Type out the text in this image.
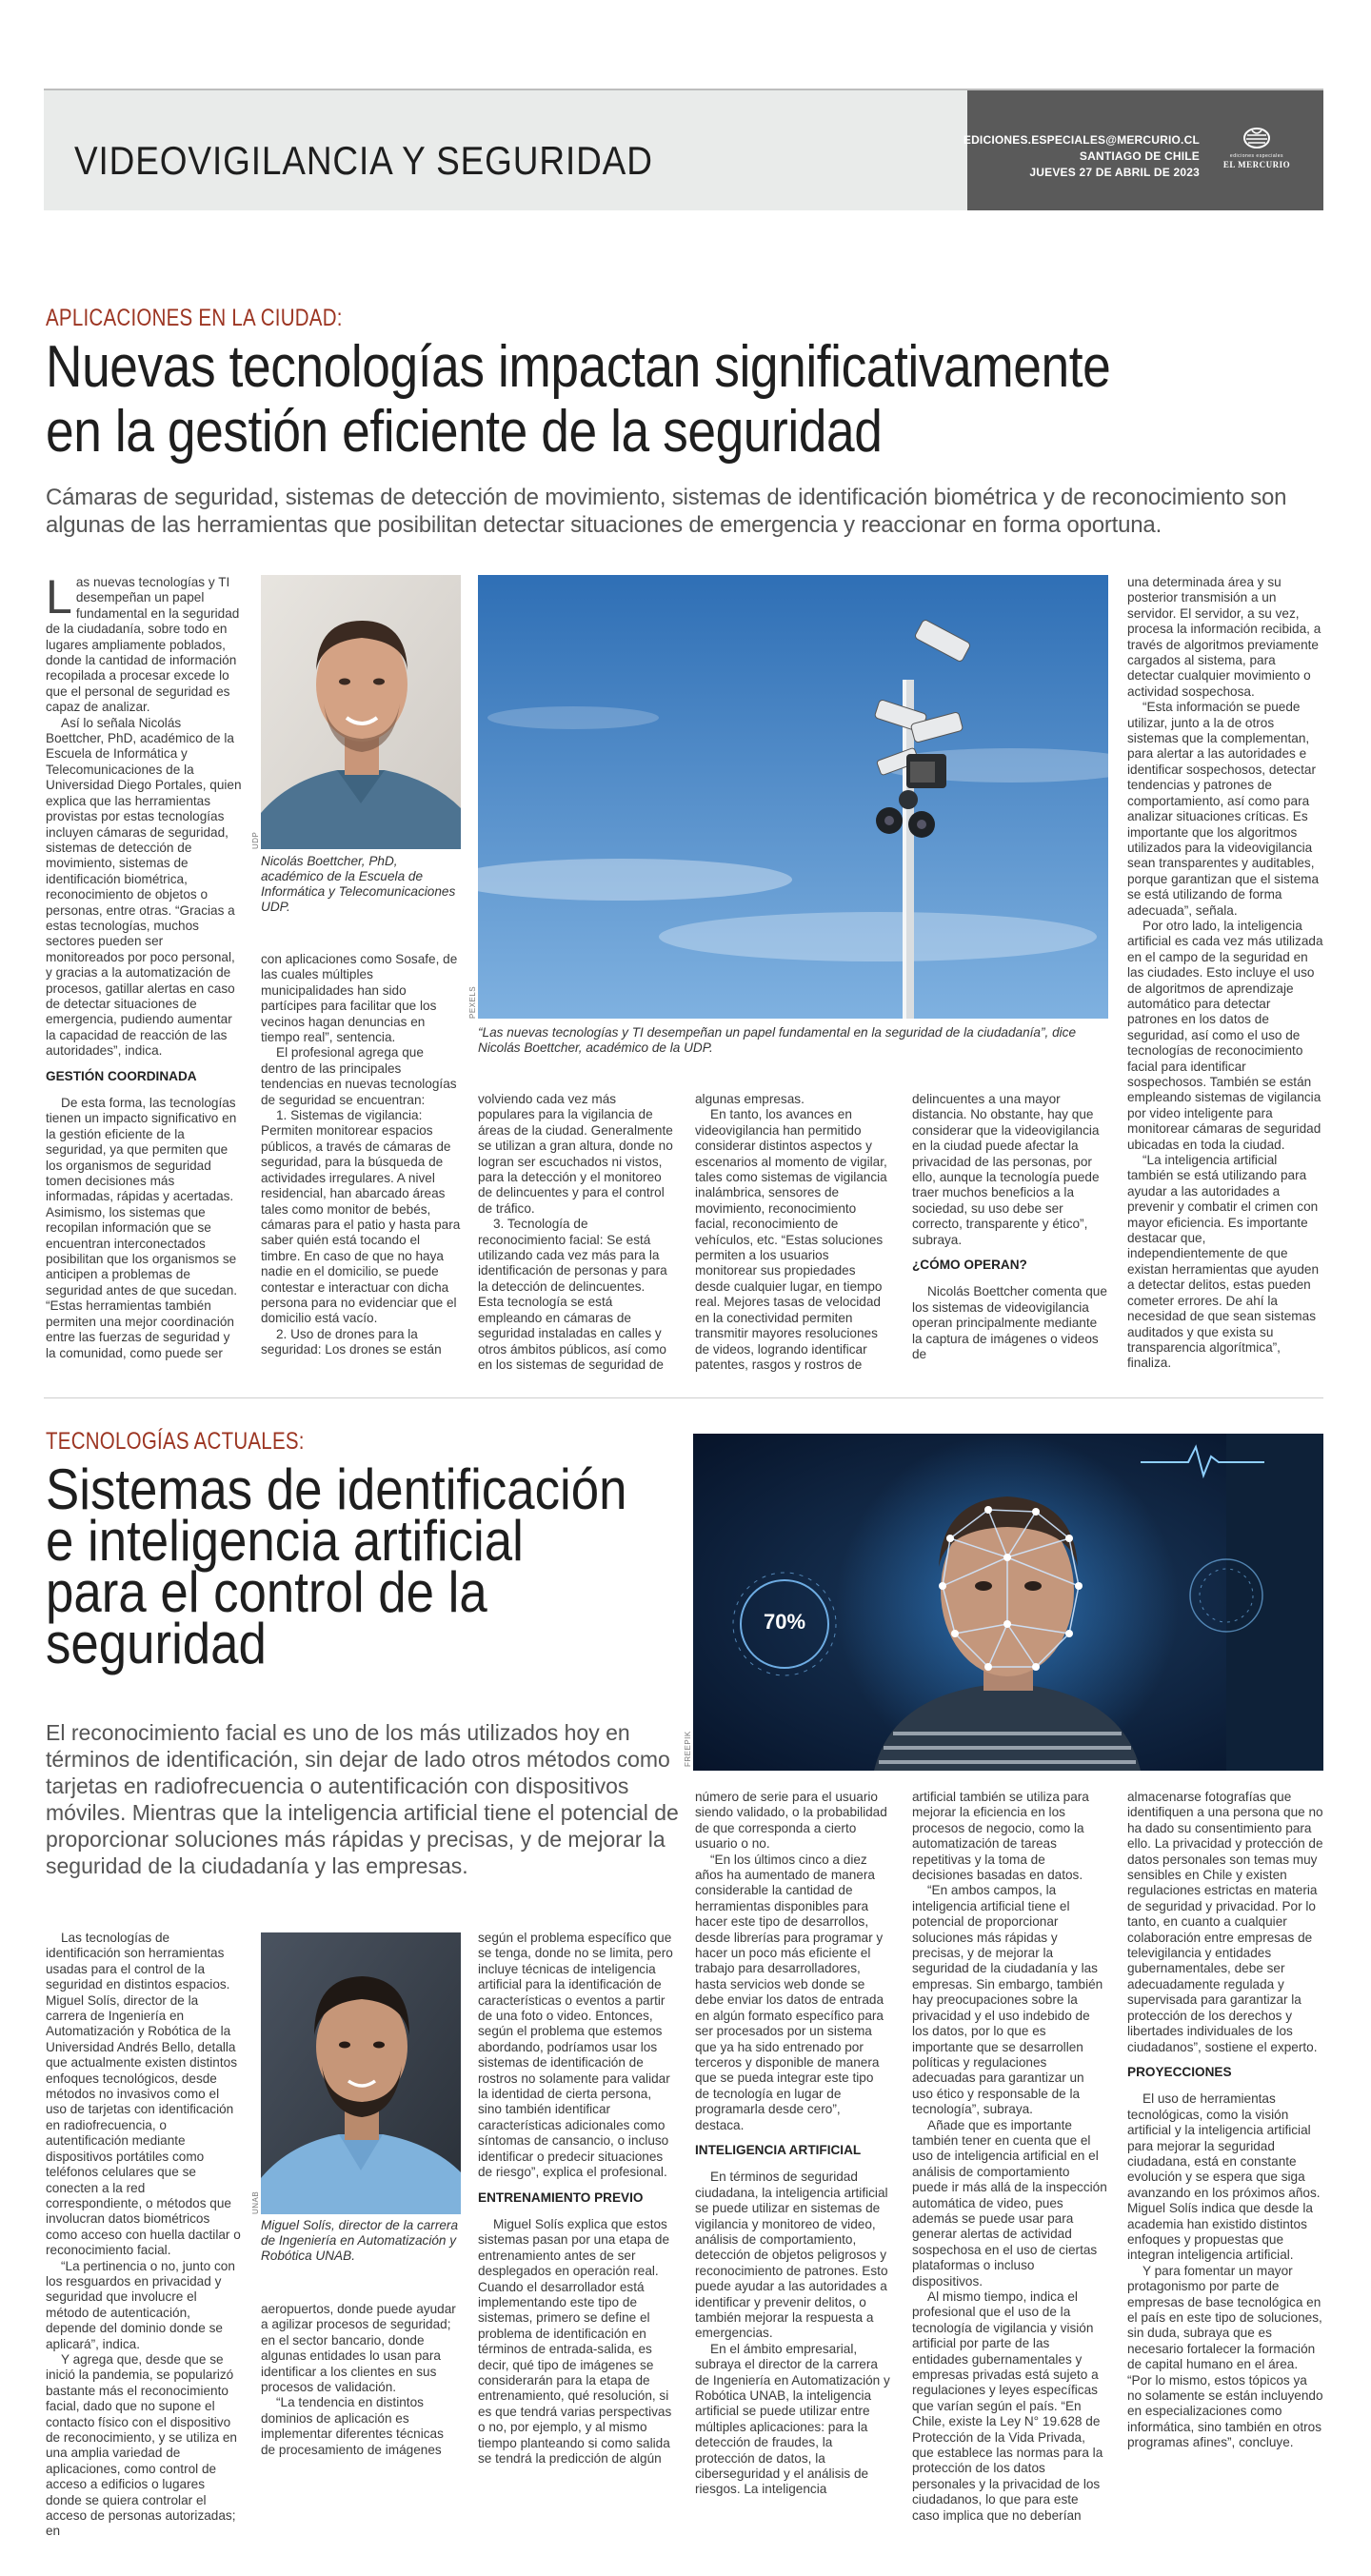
VIDEOVIGILANCIA Y SEGURIDAD	EDICIONES.ESPECIALES@MERCURIO.CL
SANTIAGO DE CHILE
JUEVES 27 DE ABRIL DE 2023
ediciones especiales
EL MERCURIO
APLICACIONES EN LA CIUDAD:
Nuevas tecnologías impactan significativamente
en la gestión eficiente de la seguridad

Cámaras de seguridad, sistemas de detección de movimiento, sistemas de identificación biométrica y de reconocimiento son algunas de las herramientas que posibilitan detectar situaciones de emergencia y reaccionar en forma oportuna.

Las nuevas tecnologías y TI desempeñan un papel fundamental en la seguridad de la ciudadanía, sobre todo en lugares ampliamente poblados, donde la cantidad de información recopilada a procesar excede lo que el personal de seguridad es capaz de analizar.

Así lo señala Nicolás Boettcher, PhD, académico de la Escuela de Informática y Telecomunicaciones de la Universidad Diego Portales, quien explica que las herramientas provistas por estas tecnologías incluyen cámaras de seguridad, sistemas de detección de movimiento, sistemas de identificación biométrica, reconocimiento de objetos o personas, entre otras. “Gracias a estas tecnologías, muchos sectores pueden ser monitoreados por poco personal, y gracias a la automatización de procesos, gatillar alertas en caso de detectar situaciones de emergencia, pudiendo aumentar la capacidad de reacción de las autoridades”, indica.

GESTIÓN COORDINADA

De esta forma, las tecnologías tienen un impacto significativo en la gestión eficiente de la seguridad, ya que permiten que los organismos de seguridad tomen decisiones más informadas, rápidas y acertadas. Asimismo, los sistemas que recopilan información que se encuentran interconectados posibilitan que los organismos se anticipen a problemas de seguridad antes de que sucedan. “Estas herramientas también permiten una mejor coordinación entre las fuerzas de seguridad y la comunidad, como puede ser

UDP
Nicolás Boettcher, PhD, académico de la Escuela de Informática y Telecomunicaciones UDP.

con aplicaciones como Sosafe, de las cuales múltiples municipalidades han sido partícipes para facilitar que los vecinos hagan denuncias en tiempo real”, sentencia.

El profesional agrega que dentro de las principales tendencias en nuevas tecnologías de seguridad se encuentran:

1. Sistemas de vigilancia: Permiten monitorear espacios públicos, a través de cámaras de seguridad, para la búsqueda de actividades irregulares. A nivel residencial, han abarcado áreas tales como monitor de bebés, cámaras para el patio y hasta para saber quién está tocando el timbre. En caso de que no haya nadie en el domicilio, se puede contestar e interactuar con dicha persona para no evidenciar que el domicilio está vacío.

2. Uso de drones para la seguridad: Los drones se están

PEXELS
“Las nuevas tecnologías y TI desempeñan un papel fundamental en la seguridad de la ciudadanía”, dice Nicolás Boettcher, académico de la UDP.

volviendo cada vez más populares para la vigilancia de áreas de la ciudad. Generalmente se utilizan a gran altura, donde no logran ser escuchados ni vistos, para la detección y el monitoreo de delincuentes y para el control de tráfico.

3. Tecnología de reconocimiento facial: Se está utilizando cada vez más para la identificación de personas y para la detección de delincuentes. Esta tecnología se está empleando en cámaras de seguridad instaladas en calles y otros ámbitos públicos, así como en los sistemas de seguridad de

algunas empresas.

En tanto, los avances en videovigilancia han permitido considerar distintos aspectos y escenarios al momento de vigilar, tales como sistemas de vigilancia inalámbrica, sensores de movimiento, reconocimiento facial, reconocimiento de vehículos, etc. “Estas soluciones permiten a los usuarios monitorear sus propiedades desde cualquier lugar, en tiempo real. Mejores tasas de velocidad en la conectividad permiten transmitir mayores resoluciones de videos, logrando identificar patentes, rasgos y rostros de

delincuentes a una mayor distancia. No obstante, hay que considerar que la videovigilancia en la ciudad puede afectar la privacidad de las personas, por ello, aunque la tecnología puede traer muchos beneficios a la sociedad, su uso debe ser correcto, transparente y ético”, subraya.

¿CÓMO OPERAN?

Nicolás Boettcher comenta que los sistemas de videovigilancia operan principalmente mediante la captura de imágenes o videos de

una determinada área y su posterior transmisión a un servidor. El servidor, a su vez, procesa la información recibida, a través de algoritmos previamente cargados al sistema, para detectar cualquier movimiento o actividad sospechosa.

“Esta información se puede utilizar, junto a la de otros sistemas que la complementan, para alertar a las autoridades e identificar sospechosos, detectar tendencias y patrones de comportamiento, así como para analizar situaciones críticas. Es importante que los algoritmos utilizados para la videovigilancia sean transparentes y auditables, porque garantizan que el sistema se está utilizando de forma adecuada”, señala.

Por otro lado, la inteligencia artificial es cada vez más utilizada en el campo de la seguridad en las ciudades. Esto incluye el uso de algoritmos de aprendizaje automático para detectar patrones en los datos de seguridad, así como el uso de tecnologías de reconocimiento facial para identificar sospechosos. También se están empleando sistemas de vigilancia por video inteligente para monitorear cámaras de seguridad ubicadas en toda la ciudad.

“La inteligencia artificial también se está utilizando para ayudar a las autoridades a prevenir y combatir el crimen con mayor eficiencia. Es importante destacar que, independientemente de que existan herramientas que ayuden a detectar delitos, estas pueden cometer errores. De ahí la necesidad de que sean sistemas auditados y que exista su transparencia algorítmica”, finaliza.

TECNOLOGÍAS ACTUALES:
Sistemas de identificación
e inteligencia artificial
para el control de la
seguridad

El reconocimiento facial es uno de los más utilizados hoy en términos de identificación, sin dejar de lado otros métodos como tarjetas en radiofrecuencia o autentificación con dispositivos móviles. Mientras que la inteligencia artificial tiene el potencial de proporcionar soluciones más rápidas y precisas, y de mejorar la seguridad de la ciudadanía y las empresas.

70%
FREEPIK

Las tecnologías de identificación son herramientas usadas para el control de la seguridad en distintos espacios. Miguel Solís, director de la carrera de Ingeniería en Automatización y Robótica de la Universidad Andrés Bello, detalla que actualmente existen distintos enfoques tecnológicos, desde métodos no invasivos como el uso de tarjetas con identificación en radiofrecuencia, o autentificación mediante dispositivos portátiles como teléfonos celulares que se conecten a la red correspondiente, o métodos que involucran datos biométricos como acceso con huella dactilar o reconocimiento facial.

“La pertinencia o no, junto con los resguardos en privacidad y seguridad que involucre el método de autenticación, depende del dominio donde se aplicará”, indica.

Y agrega que, desde que se inició la pandemia, se popularizó bastante más el reconocimiento facial, dado que no supone el contacto físico con el dispositivo de reconocimiento, y se utiliza en una amplia variedad de aplicaciones, como control de acceso a edificios o lugares donde se quiera controlar el acceso de personas autorizadas; en

UNAB
Miguel Solís, director de la carrera de Ingeniería en Automatización y Robótica UNAB.

aeropuertos, donde puede ayudar a agilizar procesos de seguridad; en el sector bancario, donde algunas entidades lo usan para identificar a los clientes en sus procesos de validación.

“La tendencia en distintos dominios de aplicación es implementar diferentes técnicas de procesamiento de imágenes

según el problema específico que se tenga, donde no se limita, pero incluye técnicas de inteligencia artificial para la identificación de características o eventos a partir de una foto o video. Entonces, según el problema que estemos abordando, podríamos usar los sistemas de identificación de rostros no solamente para validar la identidad de cierta persona, sino también identificar características adicionales como síntomas de cansancio, o incluso identificar o predecir situaciones de riesgo”, explica el profesional.

ENTRENAMIENTO PREVIO

Miguel Solís explica que estos sistemas pasan por una etapa de entrenamiento antes de ser desplegados en operación real. Cuando el desarrollador está implementando este tipo de sistemas, primero se define el problema de identificación en términos de entrada-salida, es decir, qué tipo de imágenes se considerarán para la etapa de entrenamiento, qué resolución, si es que tendrá varias perspectivas o no, por ejemplo, y al mismo tiempo planteando si como salida se tendrá la predicción de algún

número de serie para el usuario siendo validado, o la probabilidad de que corresponda a cierto usuario o no.

“En los últimos cinco a diez años ha aumentado de manera considerable la cantidad de herramientas disponibles para hacer este tipo de desarrollos, desde librerías para programar y hacer un poco más eficiente el trabajo para desarrolladores, hasta servicios web donde se debe enviar los datos de entrada en algún formato específico para ser procesados por un sistema que ya ha sido entrenado por terceros y disponible de manera que se pueda integrar este tipo de tecnología en lugar de programarla desde cero”, destaca.

INTELIGENCIA ARTIFICIAL

En términos de seguridad ciudadana, la inteligencia artificial se puede utilizar en sistemas de vigilancia y monitoreo de video, análisis de comportamiento, detección de objetos peligrosos y reconocimiento de patrones. Esto puede ayudar a las autoridades a identificar y prevenir delitos, o también mejorar la respuesta a emergencias.

En el ámbito empresarial, subraya el director de la carrera de Ingeniería en Automatización y Robótica UNAB, la inteligencia artificial se puede utilizar entre múltiples aplicaciones: para la detección de fraudes, la protección de datos, la ciberseguridad y el análisis de riesgos. La inteligencia

artificial también se utiliza para mejorar la eficiencia en los procesos de negocio, como la automatización de tareas repetitivas y la toma de decisiones basadas en datos.

“En ambos campos, la inteligencia artificial tiene el potencial de proporcionar soluciones más rápidas y precisas, y de mejorar la seguridad de la ciudadanía y las empresas. Sin embargo, también hay preocupaciones sobre la privacidad y el uso indebido de los datos, por lo que es importante que se desarrollen políticas y regulaciones adecuadas para garantizar un uso ético y responsable de la tecnología”, subraya.

Añade que es importante también tener en cuenta que el uso de inteligencia artificial en el análisis de comportamiento puede ir más allá de la inspección automática de video, pues además se puede usar para generar alertas de actividad sospechosa en el uso de ciertas plataformas o incluso dispositivos.

Al mismo tiempo, indica el profesional que el uso de la tecnología de vigilancia y visión artificial por parte de las entidades gubernamentales y empresas privadas está sujeto a regulaciones y leyes específicas que varían según el país. “En Chile, existe la Ley N° 19.628 de Protección de la Vida Privada, que establece las normas para la protección de los datos personales y la privacidad de los ciudadanos, lo que para este caso implica que no deberían

almacenarse fotografías que identifiquen a una persona que no ha dado su consentimiento para ello. La privacidad y protección de datos personales son temas muy sensibles en Chile y existen regulaciones estrictas en materia de seguridad y privacidad. Por lo tanto, en cuanto a cualquier colaboración entre empresas de televigilancia y entidades gubernamentales, debe ser adecuadamente regulada y supervisada para garantizar la protección de los derechos y libertades individuales de los ciudadanos”, sostiene el experto.

PROYECCIONES

El uso de herramientas tecnológicas, como la visión artificial y la inteligencia artificial para mejorar la seguridad ciudadana, está en constante evolución y se espera que siga avanzando en los próximos años. Miguel Solís indica que desde la academia han existido distintos enfoques y propuestas que integran inteligencia artificial.

Y para fomentar un mayor protagonismo por parte de empresas de base tecnológica en el país en este tipo de soluciones, sin duda, subraya que es necesario fortalecer la formación de capital humano en el área. “Por lo mismo, estos tópicos ya no solamente se están incluyendo en especializaciones como informática, sino también en otros programas afines”, concluye.
